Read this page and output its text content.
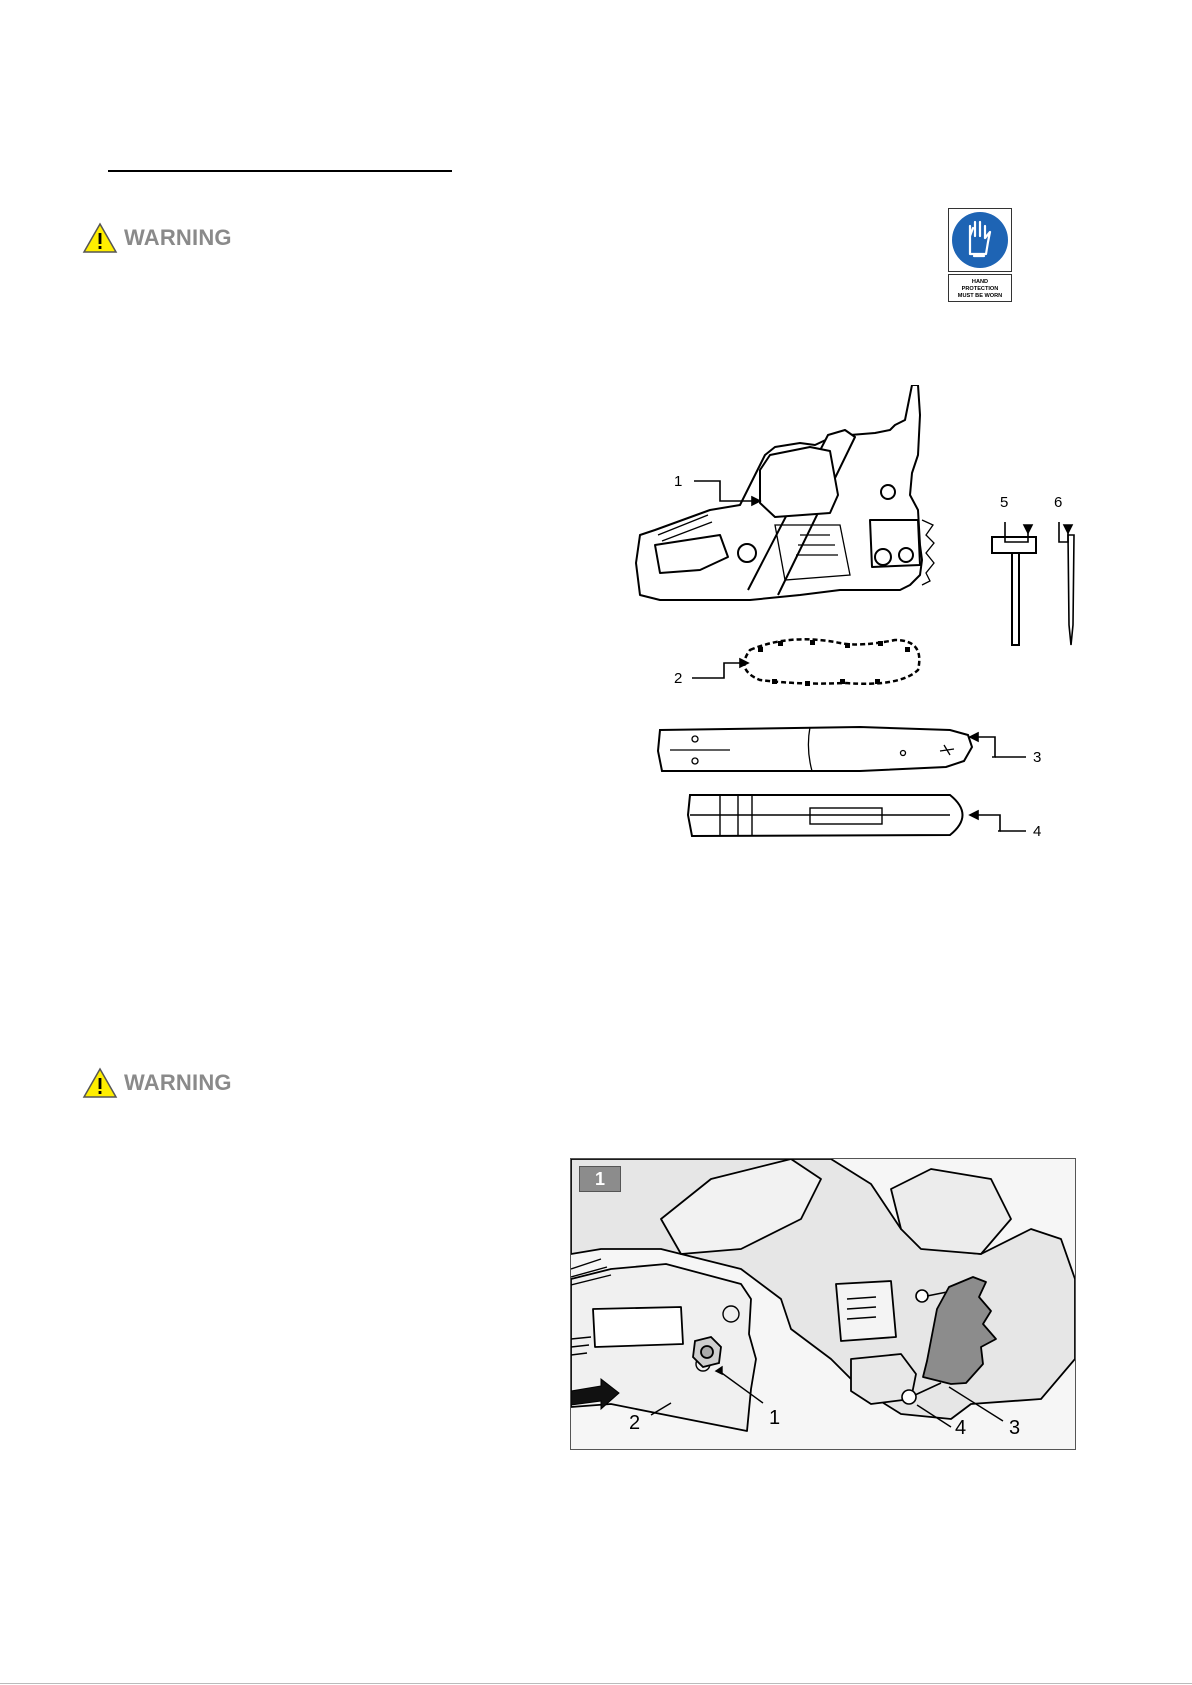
WARNING
HAND
PROTECTION
MUST BE WORN
1
2
3
4
5	6
WARNING
1
2	3
4
1
